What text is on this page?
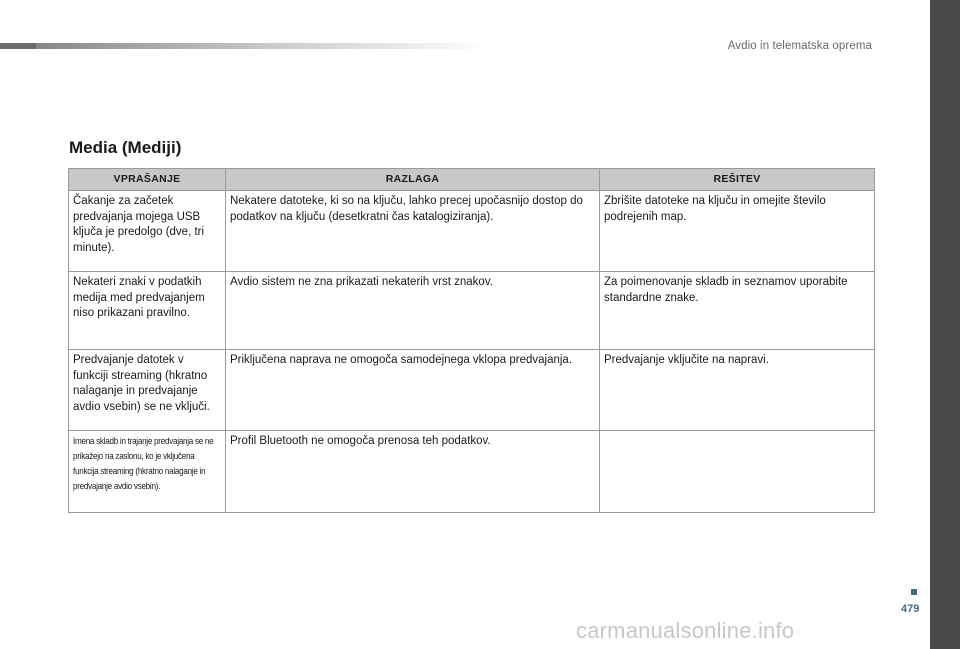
Avdio in telematska oprema
Media (Mediji)
VPRAŠANJE	RAZLAGA	REŠITEV
Čakanje za začetek predvajanja mojega USB ključa je predolgo (dve, tri minute).	Nekatere datoteke, ki so na ključu, lahko precej upočasnijo dostop do podatkov na ključu (desetkratni čas katalogiziranja).	Zbrišite datoteke na ključu in omejite število podrejenih map.
Nekateri znaki v podatkih medija med predvajanjem niso prikazani pravilno.	Avdio sistem ne zna prikazati nekaterih vrst znakov.	Za poimenovanje skladb in seznamov uporabite standardne znake.
Predvajanje datotek v funkciji streaming (hkratno nalaganje in predvajanje avdio vsebin) se ne vključi.	Priključena naprava ne omogoča samodejnega vklopa predvajanja.	Predvajanje vključite na napravi.

Imena skladb in trajanje predvajanja se ne prikažejo na zaslonu, ko je vključena funkcija streaming (hkratno nalaganje in predvajanje avdio vsebin).	Profil Bluetooth ne omogoča prenosa teh podatkov.	
479
carmanualsonline.info
